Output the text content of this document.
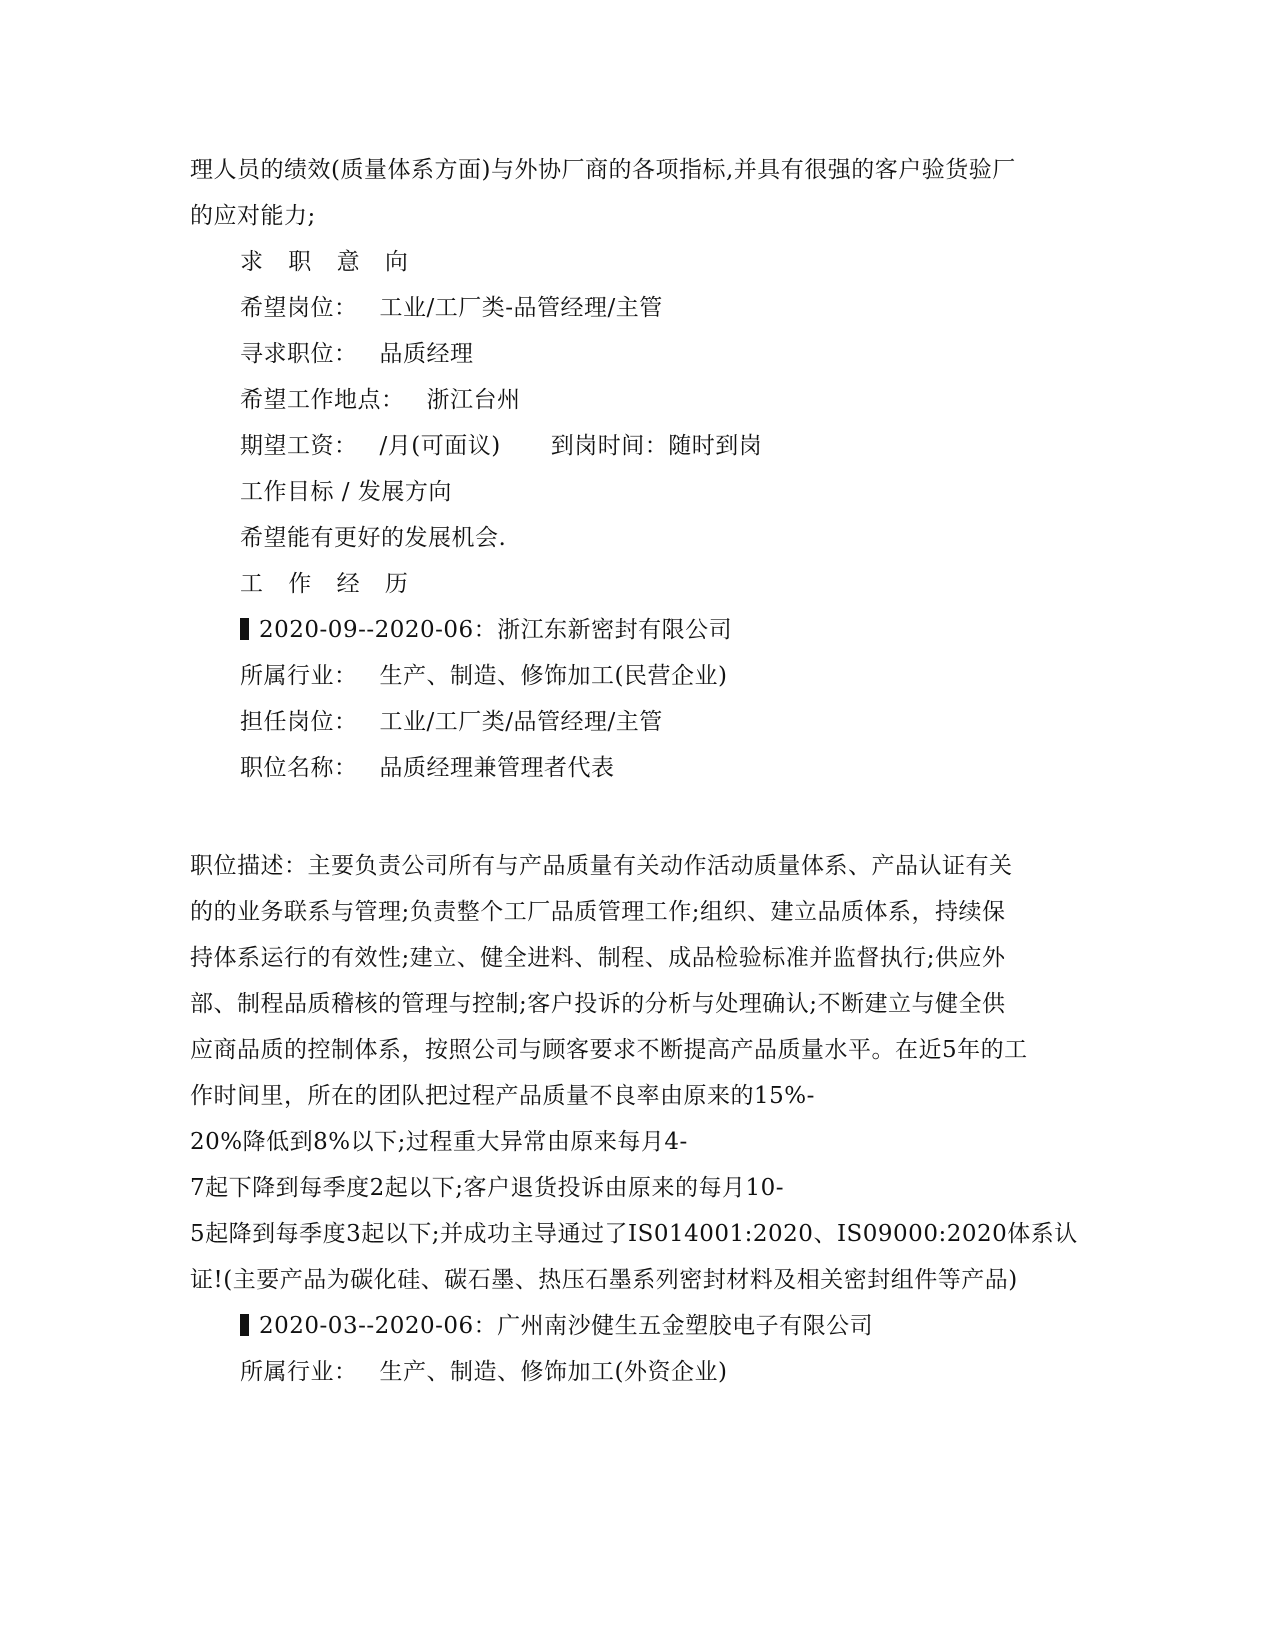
理人员的绩效(质量体系方面)与外协厂商的各项指标,并具有很强的客户验货验厂
的应对能力;
求 职 意 向
希望岗位： 工业/工厂类-品管经理/主管
寻求职位： 品质经理
希望工作地点： 浙江台州
期望工资： /月(可面议) 到岗时间：随时到岗
工作目标 / 发展方向
希望能有更好的发展机会.
工 作 经 历
2020-09--2020-06：浙江东新密封有限公司
所属行业： 生产、制造、修饰加工(民营企业)
担任岗位： 工业/工厂类/品管经理/主管
职位名称： 品质经理兼管理者代表
职位描述：主要负责公司所有与产品质量有关动作活动质量体系、产品认证有关
的的业务联系与管理;负责整个工厂品质管理工作;组织、建立品质体系，持续保
持体系运行的有效性;建立、健全进料、制程、成品检验标准并监督执行;供应外
部、制程品质稽核的管理与控制;客户投诉的分析与处理确认;不断建立与健全供
应商品质的控制体系，按照公司与顾客要求不断提高产品质量水平。在近5年的工
作时间里，所在的团队把过程产品质量不良率由原来的15%-
20%降低到8%以下;过程重大异常由原来每月4-
7起下降到每季度2起以下;客户退货投诉由原来的每月10-
5起降到每季度3起以下;并成功主导通过了IS014001:2020、IS09000:2020体系认
证!(主要产品为碳化硅、碳石墨、热压石墨系列密封材料及相关密封组件等产品)
2020-03--2020-06：广州南沙健生五金塑胶电子有限公司
所属行业： 生产、制造、修饰加工(外资企业)
